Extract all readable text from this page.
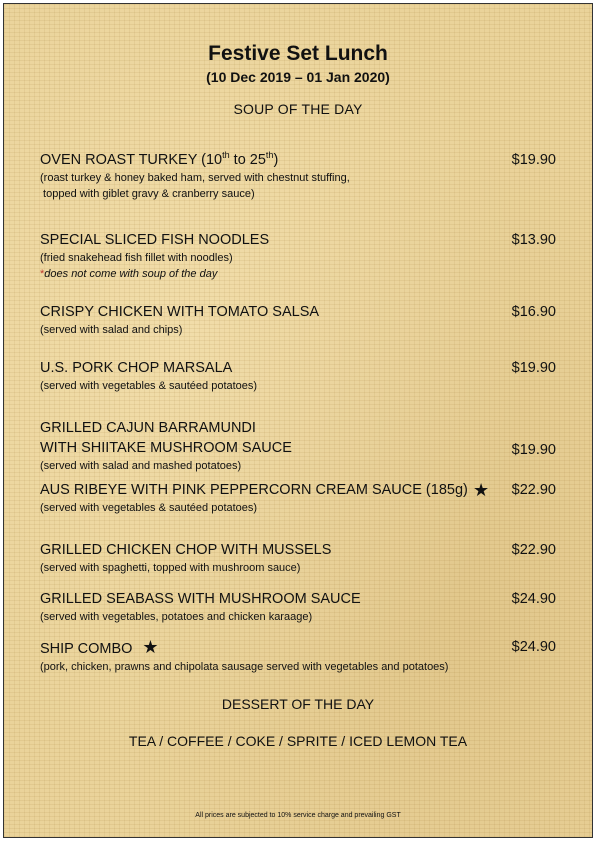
Festive Set Lunch
(10 Dec 2019 – 01 Jan 2020)
SOUP OF THE DAY
OVEN ROAST TURKEY (10th to 25th)	$19.90
(roast turkey & honey baked ham, served with chestnut stuffing,
topped with giblet gravy & cranberry sauce)
SPECIAL SLICED FISH NOODLES	$13.90
(fried snakehead fish fillet with noodles)
*does not come with soup of the day
CRISPY CHICKEN WITH TOMATO SALSA	$16.90
(served with salad and chips)
U.S. PORK CHOP MARSALA	$19.90
(served with vegetables & sautéed potatoes)
GRILLED CAJUN BARRAMUNDI
WITH SHIITAKE MUSHROOM SAUCE	$19.90
(served with salad and mashed potatoes)
AUS RIBEYE WITH PINK PEPPERCORN CREAM SAUCE (185g) ★ $22.90
(served with vegetables & sautéed potatoes)
GRILLED CHICKEN CHOP WITH MUSSELS	$22.90
(served with spaghetti, topped with mushroom sauce)
GRILLED SEABASS WITH MUSHROOM SAUCE	$24.90
(served with vegetables, potatoes and chicken karaage)
SHIP COMBO ★	$24.90
(pork, chicken, prawns and chipolata sausage served with vegetables and potatoes)
DESSERT OF THE DAY
TEA / COFFEE / COKE / SPRITE / ICED LEMON TEA
All prices are subjected to 10% service charge and prevailing GST
